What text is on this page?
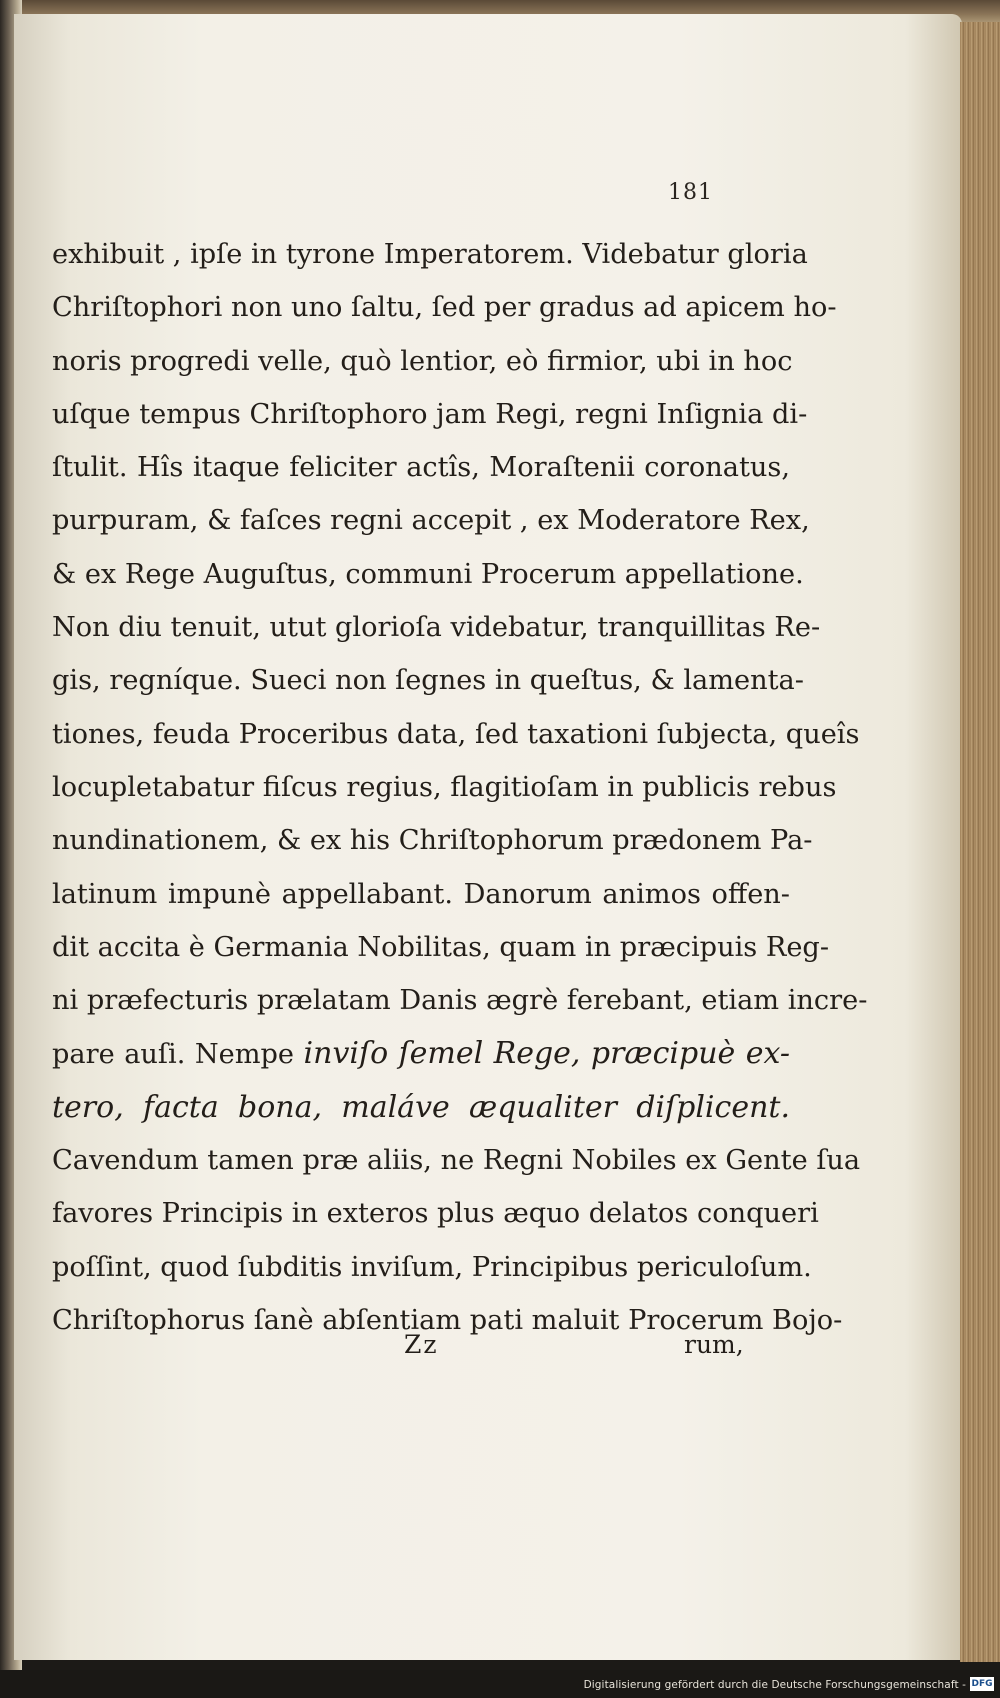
181
exhibuit , ipſe in tyrone Imperatorem. Videbatur gloria
Chriſtophori non uno ſaltu, ſed per gradus ad apicem ho-
noris progredi velle, quò lentior, eò firmior, ubi in hoc
uſque tempus Chriſtophoro jam Regi, regni Inſignia di-
ſtulit. Hîs itaque feliciter actîs, Moraſtenii coronatus,
purpuram, & faſces regni accepit , ex Moderatore Rex,
& ex Rege Auguſtus, communi Procerum appellatione.
Non diu tenuit, utut glorioſa videbatur, tranquillitas Re-
gis, regníque. Sueci non ſegnes in queſtus, & lamenta-
tiones, feuda Proceribus data, ſed taxationi ſubjecta, queîs
locupletabatur fiſcus regius, flagitioſam in publicis rebus
nundinationem, & ex his Chriſtophorum prædonem Pa-
latinum impunè appellabant. Danorum animos offen-
dit accita è Germania Nobilitas, quam in præcipuis Reg-
ni præfecturis prælatam Danis ægrè ferebant, etiam incre-
pare auſi. Nempe inviſo ſemel Rege, præcipuè ex-
tero, facta bona, maláve æqualiter diſplicent.
Cavendum tamen præ aliis, ne Regni Nobiles ex Gente ſua
favores Principis in exteros plus æquo delatos conqueri
poſſint, quod ſubditis inviſum, Principibus periculoſum.
Chriſtophorus ſanè abſentiam pati maluit Procerum Bojo-
Zz	rum,
Digitalisierung gefördert durch die Deutsche Forschungsgemeinschaft - DFG
